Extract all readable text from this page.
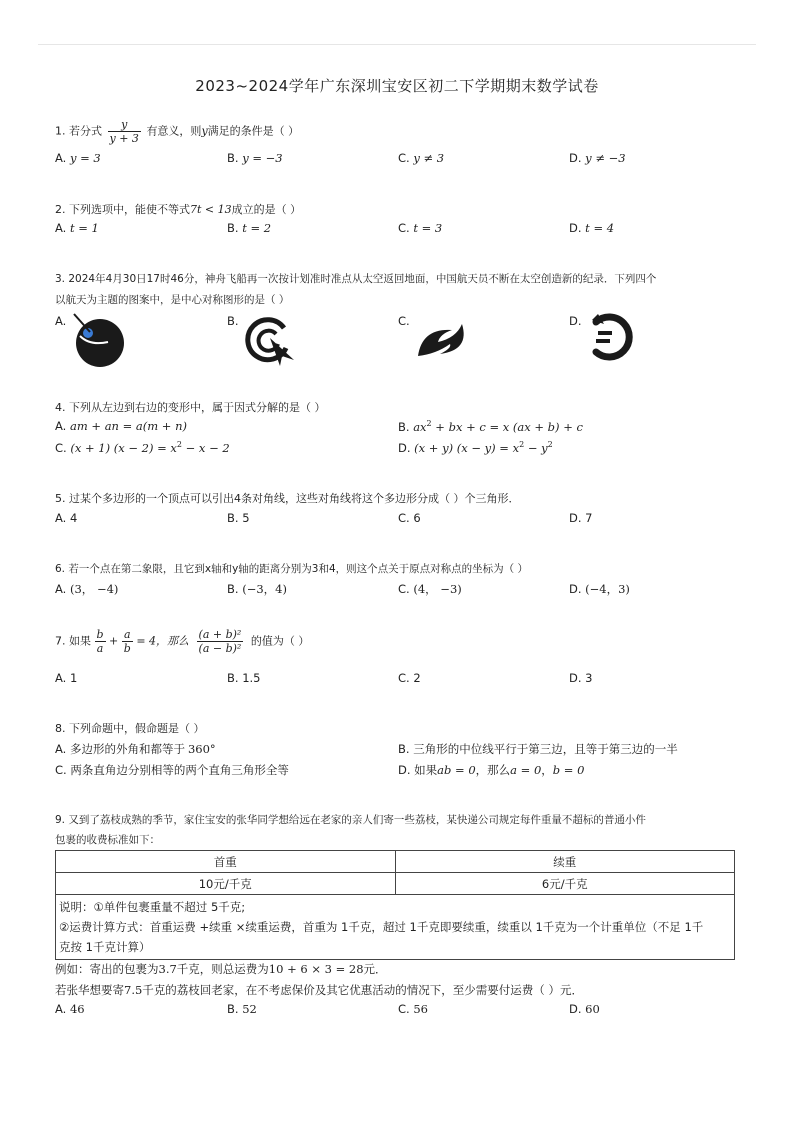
2023~2024学年广东深圳宝安区初二下学期期末数学试卷
1. 若分式 $\frac{y}{y + 3}$ 有意义，则y满足的条件是（ ）
A. y = 3	B. y = −3	C. y ≠ 3	D. y ≠ −3
2. 下列选项中，能使不等式7t < 13成立的是（ ）
A. t = 1	B. t = 2	C. t = 3	D. t = 4
3. 2024年4月30日17时46分，神舟飞船再一次按计划准时准点从太空返回地面，中国航天员不断在太空创造新的纪录．下列四个
以航天为主题的图案中，是中心对称图形的是（ ）
A.	B.	C.	D.
4. 下列从左边到右边的变形中，属于因式分解的是（ ）
A. am + an = a(m + n)	B. $ax^2$ + bx + c = x (ax + b) + c
C. (x + 1) $(x - 2) = x^2 - x - 2$	D. (x + y) $(x - y) = x^2 - y^2$
5. 过某个多边形的一个顶点可以引出4条对角线，这些对角线将这个多边形分成（ ）个三角形．
A. 4	B. 5	C. 6	D. 7
6. 若一个点在第二象限，且它到x轴和y轴的距离分别为3和4，则这个点关于原点对称点的坐标为（ ）
A. (3， −4)	B. (−3，4)	C. (4， −3)	D. (−4，3)
7. 如果 $\frac{b}{a} + \frac{a}{b} = 4$，那么 $\frac{\text{(a + b)²}}{\text{(a − b)²}}$ 的值为（ ）
A. 1	B. 1.5	C. 2	D. 3
8. 下列命题中，假命题是（ ）
A. 多边形的外角和都等于 360°	B. 三角形的中位线平行于第三边，且等于第三边的一半
C. 两条直角边分别相等的两个直角三角形全等	D. 如果ab = 0，那么a = 0，b = 0
9. 又到了荔枝成熟的季节，家住宝安的张华同学想给远在老家的亲人们寄一些荔枝，某快递公司规定每件重量不超标的普通小件
包裹的收费标准如下：
首重	续重
10元/千克	6元/千克

说明：①单件包裹重量不超过 5千克;
②运费计算方式：首重运费 +续重 ×续重运费，首重为 1千克，超过 1千克即要续重，续重以 1千克为一个计重单位（不足 1千
克按 1千克计算）	
例如：寄出的包裹为3.7千克，则总运费为10 + 6 × 3 = 28元．
若张华想要寄7.5千克的荔枝回老家，在不考虑保价及其它优惠活动的情况下，至少需要付运费（ ）元．
A. 46	B. 52	C. 56	D. 60
